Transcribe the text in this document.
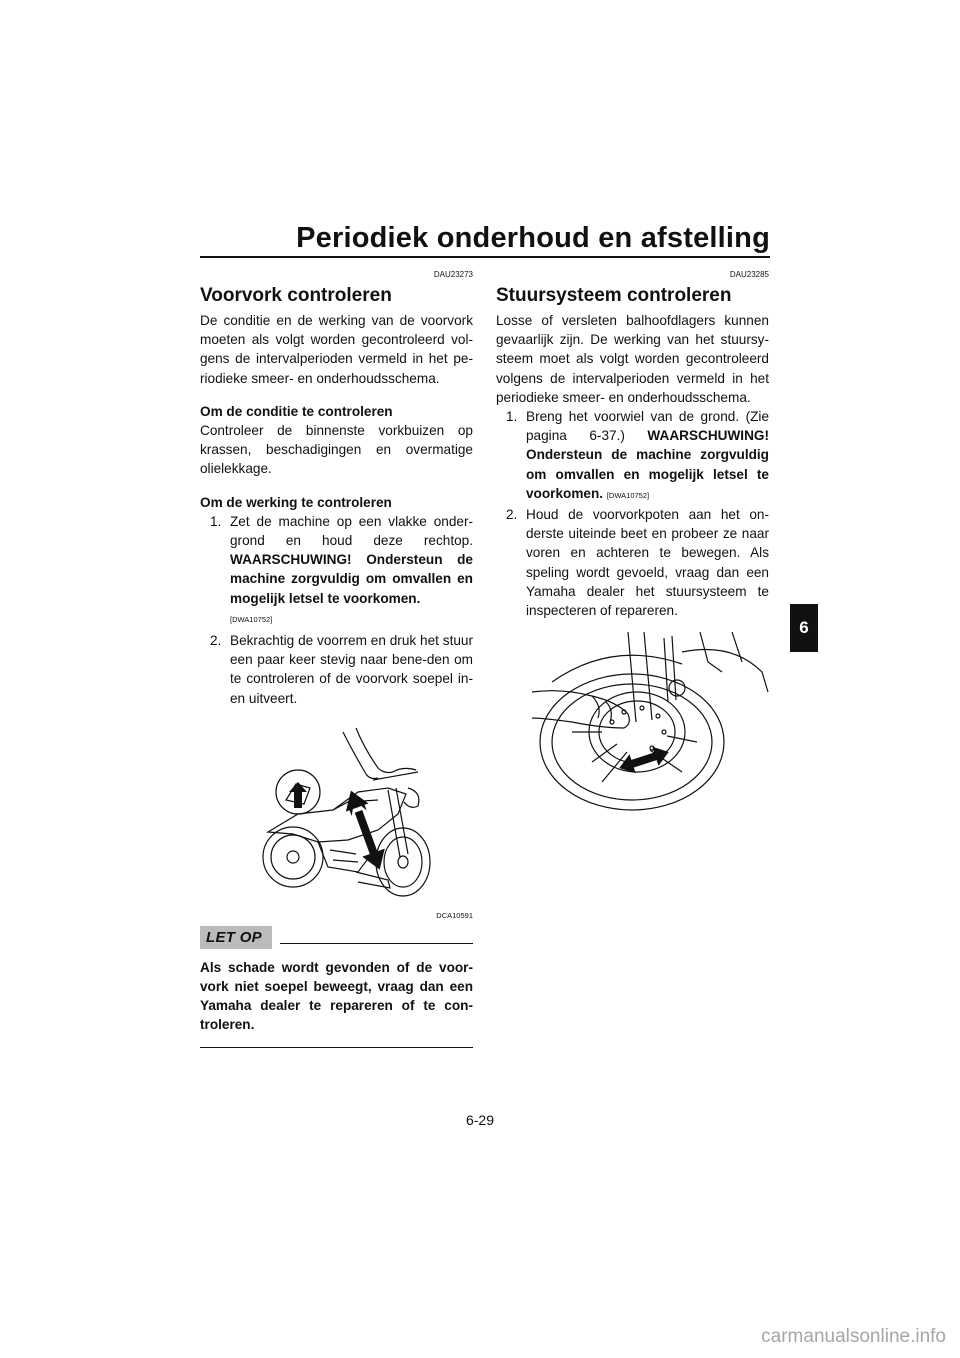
Periodiek onderhoud en afstelling
6
DAU23273
Voorvork controleren

De conditie en de werking van de voorvork moeten als volgt worden gecontroleerd vol-gens de intervalperioden vermeld in het pe-riodieke smeer- en onderhoudsschema.

Om de conditie te controleren

Controleer de binnenste vorkbuizen op krassen, beschadigingen en overmatige olielekkage.

Om de werking te controleren
1. Zet de machine op een vlakke onder-grond en houd deze rechtop. WAARSCHUWING! Ondersteun de machine zorgvuldig om omvallen en mogelijk letsel te voorkomen.
[DWA10752]
2. Bekrachtig de voorrem en druk het stuur een paar keer stevig naar bene-den om te controleren of de voorvork soepel in- en uitveert.
DCA10591
LET OP
Als schade wordt gevonden of de voor-vork niet soepel beweegt, vraag dan een Yamaha dealer te repareren of te con-troleren.
DAU23285
Stuursysteem controleren

Losse of versleten balhoofdlagers kunnen gevaarlijk zijn. De werking van het stuursy-steem moet als volgt worden gecontroleerd volgens de intervalperioden vermeld in het periodieke smeer- en onderhoudsschema.

1. Breng het voorwiel van de grond. (Zie pagina 6-37.) WAARSCHUWING! Ondersteun de machine zorgvuldig om omvallen en mogelijk letsel te voorkomen. [DWA10752]
2. Houd de voorvorkpoten aan het on-derste uiteinde beet en probeer ze naar voren en achteren te bewegen. Als speling wordt gevoeld, vraag dan een Yamaha dealer het stuursysteem te inspecteren of repareren.
6-29
carmanualsonline.info
